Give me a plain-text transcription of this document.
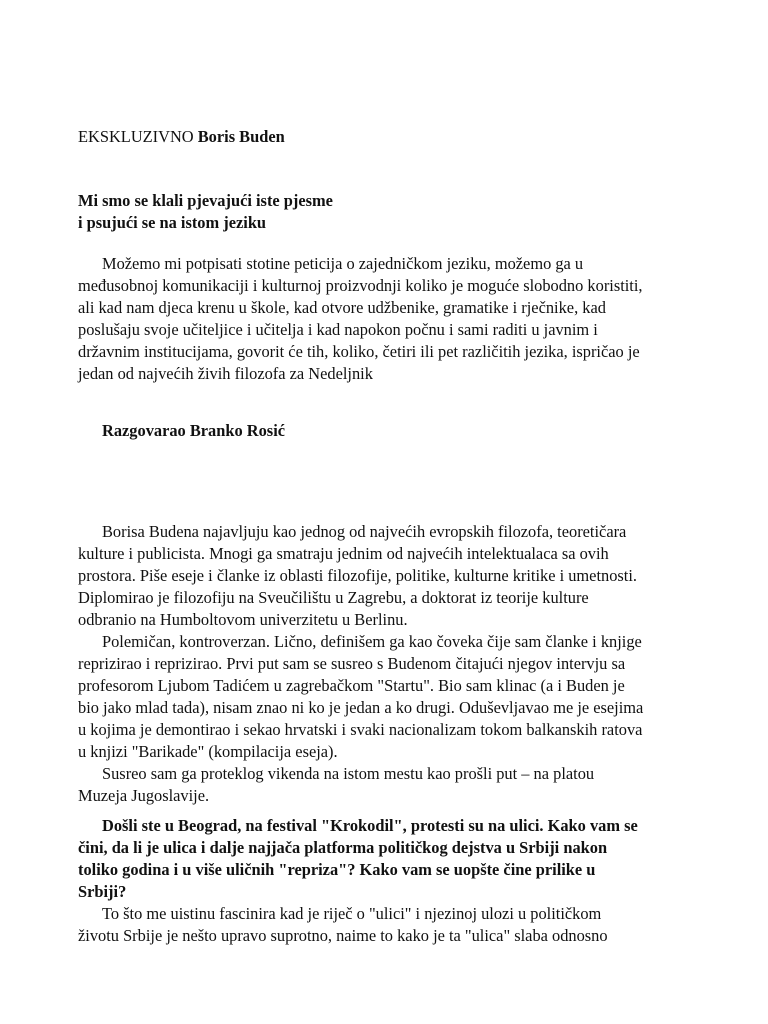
EKSKLUZIVNO Boris Buden

Mi smo se klali pjevajući iste pjesme
i psujući se na istom jeziku

Možemo mi potpisati stotine peticija o zajedničkom jeziku, možemo ga u
međusobnoj komunikaciji i kulturnoj proizvodnji koliko je moguće slobodno koristiti,
ali kad nam djeca krenu u škole, kad otvore udžbenike, gramatike i rječnike, kad
poslušaju svoje učiteljice i učitelja i kad napokon počnu i sami raditi u javnim i
državnim institucijama, govorit će tih, koliko, četiri ili pet različitih jezika, ispričao je
jedan od najvećih živih filozofa za Nedeljnik

Razgovarao Branko Rosić

Borisa Budena najavljuju kao jednog od najvećih evropskih filozofa, teoretičara
kulture i publicista. Mnogi ga smatraju jednim od najvećih intelektualaca sa ovih
prostora. Piše eseje i članke iz oblasti filozofije, politike, kulturne kritike i umetnosti.
Diplomirao je filozofiju na Sveučilištu u Zagrebu, a doktorat iz teorije kulture
odbranio na Humboltovom univerzitetu u Berlinu.
Polemičan, kontroverzan. Lično, definišem ga kao čoveka čije sam članke i knjige
reprizirao i reprizirao. Prvi put sam se susreo s Budenom čitajući njegov intervju sa
profesorom Ljubom Tadićem u zagrebačkom "Startu". Bio sam klinac (a i Buden je
bio jako mlad tada), nisam znao ni ko je jedan a ko drugi. Oduševljavao me je esejima
u kojima je demontirao i sekao hrvatski i svaki nacionalizam tokom balkanskih ratova
u knjizi "Barikade" (kompilacija eseja).
Susreo sam ga proteklog vikenda na istom mestu kao prošli put – na platou
Muzeja Jugoslavije.

Došli ste u Beograd, na festival "Krokodil", protesti su na ulici. Kako vam se
čini, da li je ulica i dalje najjača platforma političkog dejstva u Srbiji nakon
toliko godina i u više uličnih "repriza"? Kako vam se uopšte čine prilike u
Srbiji?

To što me uistinu fascinira kad je riječ o "ulici" i njezinoj ulozi u političkom
životu Srbije je nešto upravo suprotno, naime to kako je ta "ulica" slaba odnosno
